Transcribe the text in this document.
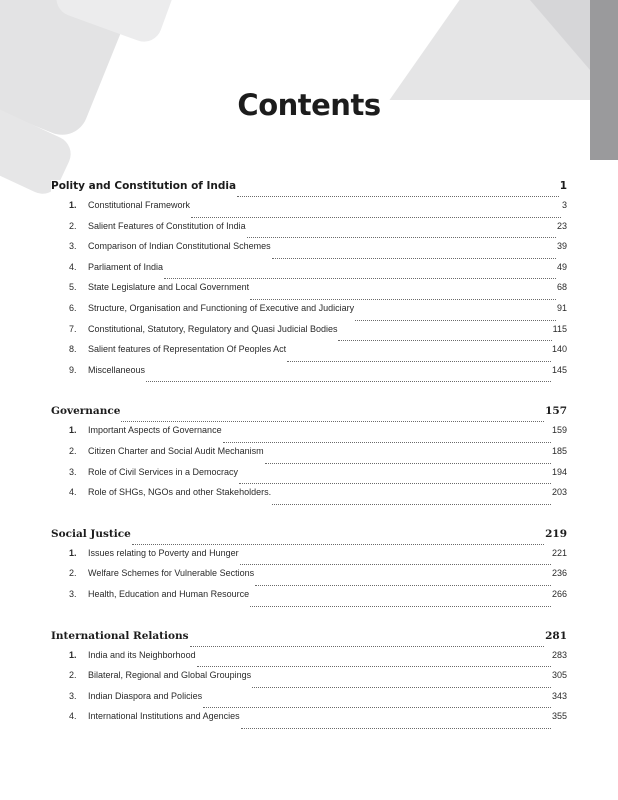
Contents
Polity and Constitution of India	1
1.	Constitutional Framework	3
2.	Salient Features of Constitution of India	23
3.	Comparison of Indian Constitutional Schemes	39
4.	Parliament of India	49
5.	State Legislature and Local Government	68
6.	Structure, Organisation and Functioning of Executive and Judiciary	91
7.	Constitutional, Statutory, Regulatory and Quasi Judicial Bodies	115
8.	Salient features of Representation Of Peoples Act	140
9.	Miscellaneous	145
Governance	157
1.	Important Aspects of Governance	159
2.	Citizen Charter and Social Audit Mechanism	185
3.	Role of Civil Services in a Democracy	194
4.	Role of SHGs, NGOs and other Stakeholders.	203
Social Justice	219
1.	Issues relating to Poverty and Hunger	221
2.	Welfare Schemes for Vulnerable Sections	236
3.	Health, Education and Human Resource	266
International Relations	281
1.	India and its Neighborhood	283
2.	Bilateral, Regional and Global Groupings	305
3.	Indian Diaspora and Policies	343
4.	International Institutions and Agencies	355
